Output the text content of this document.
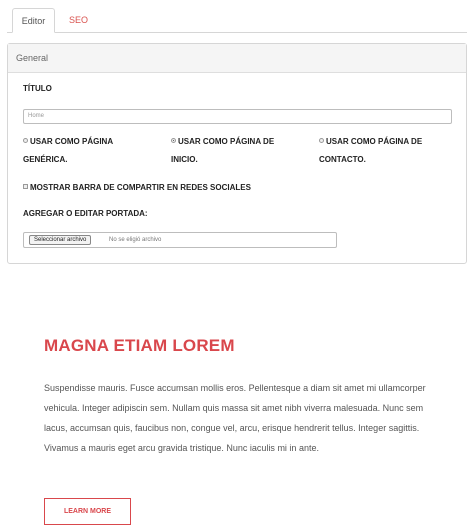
Editor	SEO
General
TÍTULO
Home
USAR COMO PÁGINA
GENÉRICA.
USAR COMO PÁGINA DE
INICIO.
USAR COMO PÁGINA DE
CONTACTO.
MOSTRAR BARRA DE COMPARTIR EN REDES SOCIALES
AGREGAR O EDITAR PORTADA:
Seleccionar archivo	No se eligió archivo
MAGNA ETIAM LOREM
Suspendisse mauris. Fusce accumsan mollis eros. Pellentesque a diam sit amet mi ullamcorper vehicula. Integer adipiscin sem. Nullam quis massa sit amet nibh viverra malesuada. Nunc sem lacus, accumsan quis, faucibus non, congue vel, arcu, erisque hendrerit tellus. Integer sagittis. Vivamus a mauris eget arcu gravida tristique. Nunc iaculis mi in ante.
LEARN MORE
